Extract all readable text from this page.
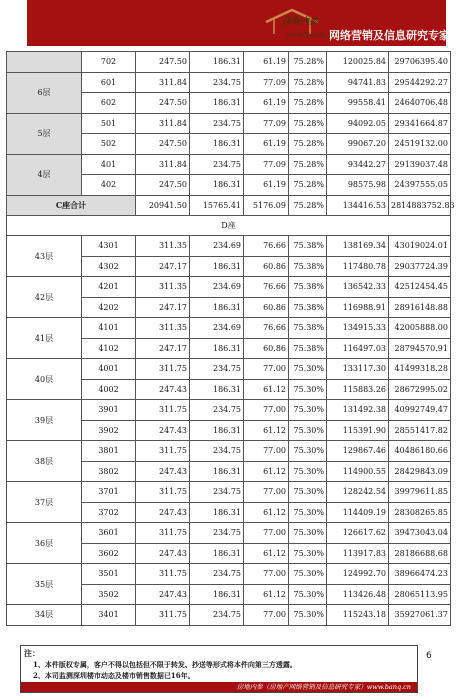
房地内参
www.BANQ.cn
网络营销及信息研究专家
	702	247.50	186.31	61.19	75.28%	120025.84	29706395.40
6层	601	311.84	234.75	77.09	75.28%	94741.83	29544292.27
	602	247.50	186.31	61.19	75.28%	99558.41	24640706.48
5层	501	311.84	234.75	77.09	75.28%	94092.05	29341664.87
	502	247.50	186.31	61.19	75.28%	99067.20	24519132.00
4层	401	311.84	234.75	77.09	75.28%	93442.27	29139037.48
	402	247.50	186.31	61.19	75.28%	98575.98	24397555.05
C座合计		20941.50	15765.41	5176.09	75.28%	134416.53	2814883752.83
D座							
43层	4301	311.35	234.69	76.66	75.38%	138169.34	43019024.01
	4302	247.17	186.31	60.86	75.38%	117480.78	29037724.39
42层	4201	311.35	234.69	76.66	75.38%	136542.33	42512454.45
	4202	247.17	186.31	60.86	75.38%	116988.91	28916148.88
41层	4101	311.35	234.69	76.66	75.38%	134915.33	42005888.00
	4102	247.17	186.31	60.86	75.38%	116497.03	28794570.91
40层	4001	311.75	234.75	77.00	75.30%	133117.30	41499318.28
	4002	247.43	186.31	61.12	75.30%	115883.26	28672995.02
39层	3901	311.75	234.75	77.00	75.30%	131492.38	40992749.47
	3902	247.43	186.31	61.12	75.30%	115391.90	28551417.82
38层	3801	311.75	234.75	77.00	75.30%	129867.46	40486180.66
	3802	247.43	186.31	61.12	75.30%	114900.55	28429843.09
37层	3701	311.75	234.75	77.00	75.30%	128242.54	39979611.85
	3702	247.43	186.31	61.12	75.30%	114409.19	28308265.85
36层	3601	311.75	234.75	77.00	75.30%	126617.62	39473043.04
	3602	247.43	186.31	61.12	75.30%	113917.83	28186688.68
35层	3501	311.75	234.75	77.00	75.30%	124992.70	38966474.23
	3502	247.43	186.31	61.12	75.30%	113426.48	28065113.95
34层	3401	311.75	234.75	77.00	75.30%	115243.18	35927061.37
注：
1、本件版权专属，客户不得以包括但不限于转发、抄送等形式将本件向第三方透露。
2、本司监测深圳楼市动态及楼市销售数据已16年。
房地内参（房地产网络营销及信息研究专家）www.banq.cn
6
